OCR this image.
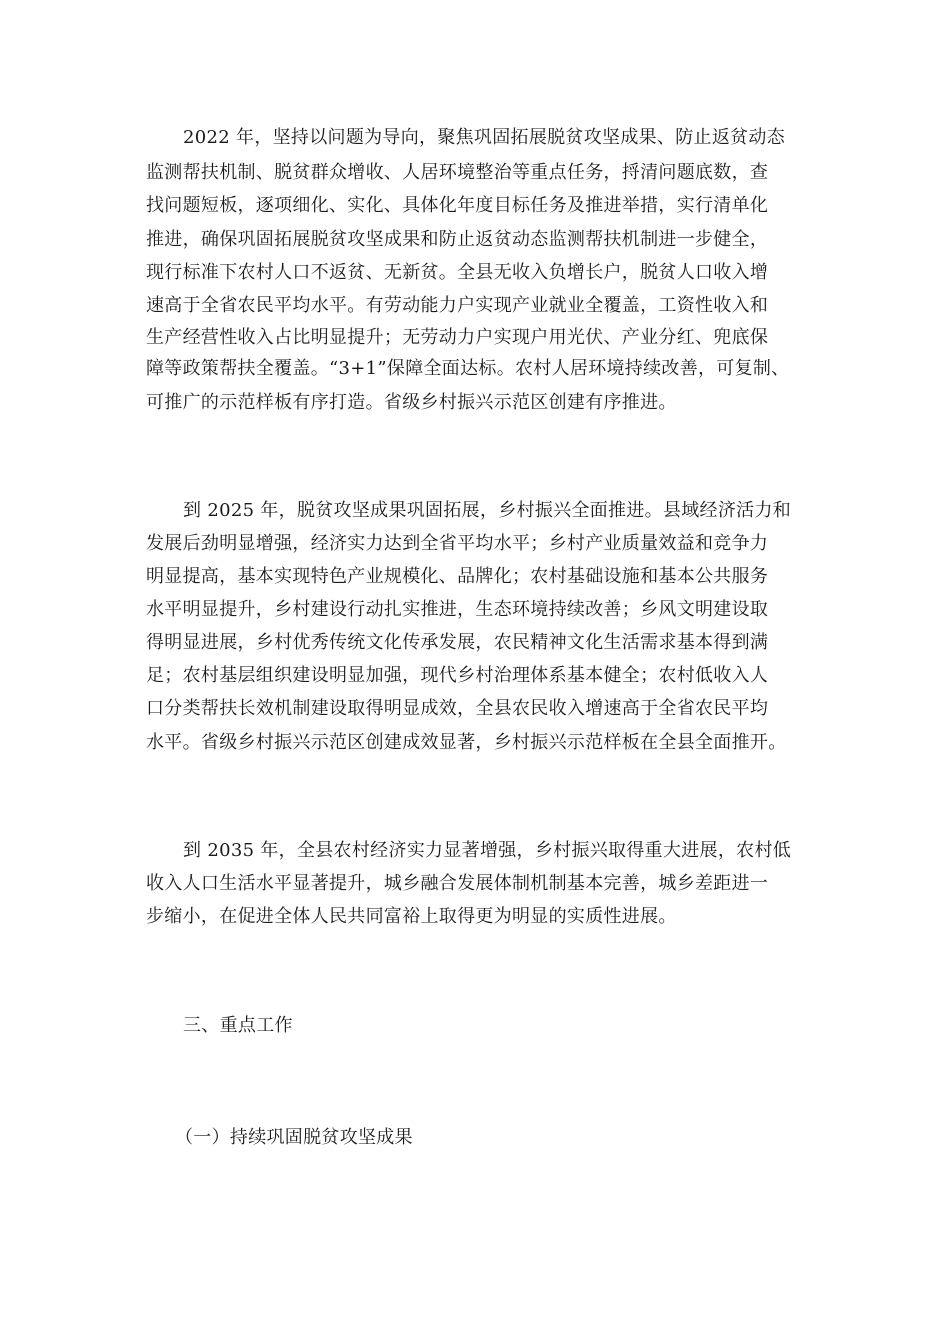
2022 年，坚持以问题为导向，聚焦巩固拓展脱贫攻坚成果、防止返贫动态
监测帮扶机制、脱贫群众增收、人居环境整治等重点任务，捋清问题底数，查
找问题短板，逐项细化、实化、具体化年度目标任务及推进举措，实行清单化
推进，确保巩固拓展脱贫攻坚成果和防止返贫动态监测帮扶机制进一步健全，
现行标准下农村人口不返贫、无新贫。全县无收入负增长户，脱贫人口收入增
速高于全省农民平均水平。有劳动能力户实现产业就业全覆盖，工资性收入和
生产经营性收入占比明显提升；无劳动力户实现户用光伏、产业分红、兜底保
障等政策帮扶全覆盖。“3+1”保障全面达标。农村人居环境持续改善，可复制、
可推广的示范样板有序打造。省级乡村振兴示范区创建有序推进。
到 2025 年，脱贫攻坚成果巩固拓展，乡村振兴全面推进。县域经济活力和
发展后劲明显增强，经济实力达到全省平均水平；乡村产业质量效益和竞争力
明显提高，基本实现特色产业规模化、品牌化；农村基础设施和基本公共服务
水平明显提升，乡村建设行动扎实推进，生态环境持续改善；乡风文明建设取
得明显进展，乡村优秀传统文化传承发展，农民精神文化生活需求基本得到满
足；农村基层组织建设明显加强，现代乡村治理体系基本健全；农村低收入人
口分类帮扶长效机制建设取得明显成效，全县农民收入增速高于全省农民平均
水平。省级乡村振兴示范区创建成效显著，乡村振兴示范样板在全县全面推开。
到 2035 年，全县农村经济实力显著增强，乡村振兴取得重大进展，农村低
收入人口生活水平显著提升，城乡融合发展体制机制基本完善，城乡差距进一
步缩小，在促进全体人民共同富裕上取得更为明显的实质性进展。
三、重点工作
（一）持续巩固脱贫攻坚成果
